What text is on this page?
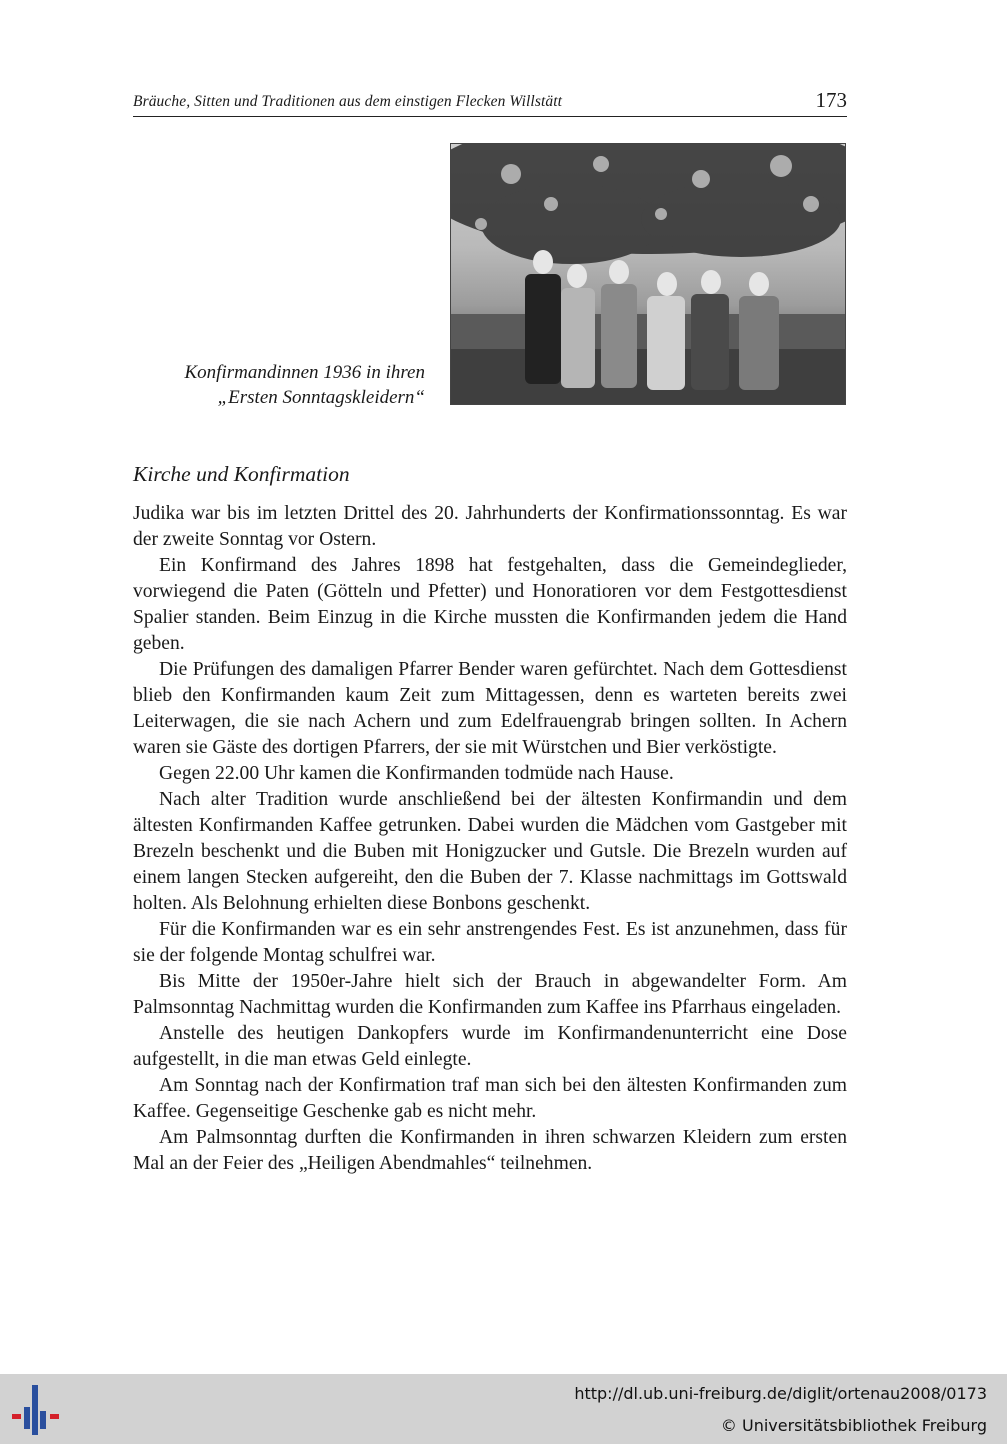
Bräuche, Sitten und Traditionen aus dem einstigen Flecken Willstätt	173
Konfirmandinnen 1936 in ihren
„Ersten Sonntagskleidern“
Kirche und Konfirmation

Judika war bis im letzten Drittel des 20. Jahrhunderts der Konfirmationssonntag. Es war der zweite Sonntag vor Ostern.

Ein Konfirmand des Jahres 1898 hat festgehalten, dass die Gemeindeglieder, vorwiegend die Paten (Götteln und Pfetter) und Honoratioren vor dem Festgottesdienst Spalier standen. Beim Einzug in die Kirche mussten die Konfirmanden jedem die Hand geben.

Die Prüfungen des damaligen Pfarrer Bender waren gefürchtet. Nach dem Gottesdienst blieb den Konfirmanden kaum Zeit zum Mittagessen, denn es warteten bereits zwei Leiterwagen, die sie nach Achern und zum Edelfrauengrab bringen sollten. In Achern waren sie Gäste des dortigen Pfarrers, der sie mit Würstchen und Bier verköstigte.

Gegen 22.00 Uhr kamen die Konfirmanden todmüde nach Hause.

Nach alter Tradition wurde anschließend bei der ältesten Konfirmandin und dem ältesten Konfirmanden Kaffee getrunken. Dabei wurden die Mädchen vom Gastgeber mit Brezeln beschenkt und die Buben mit Honigzucker und Gutsle. Die Brezeln wurden auf einem langen Stecken aufgereiht, den die Buben der 7. Klasse nachmittags im Gottswald holten. Als Belohnung erhielten diese Bonbons geschenkt.

Für die Konfirmanden war es ein sehr anstrengendes Fest. Es ist anzunehmen, dass für sie der folgende Montag schulfrei war.

Bis Mitte der 1950er-Jahre hielt sich der Brauch in abgewandelter Form. Am Palmsonntag Nachmittag wurden die Konfirmanden zum Kaffee ins Pfarrhaus eingeladen.

Anstelle des heutigen Dankopfers wurde im Konfirmandenunterricht eine Dose aufgestellt, in die man etwas Geld einlegte.

Am Sonntag nach der Konfirmation traf man sich bei den ältesten Konfirmanden zum Kaffee. Gegenseitige Geschenke gab es nicht mehr.

Am Palmsonntag durften die Konfirmanden in ihren schwarzen Kleidern zum ersten Mal an der Feier des „Heiligen Abendmahles“ teilnehmen.

http://dl.ub.uni-freiburg.de/diglit/ortenau2008/0173
© Universitätsbibliothek Freiburg
